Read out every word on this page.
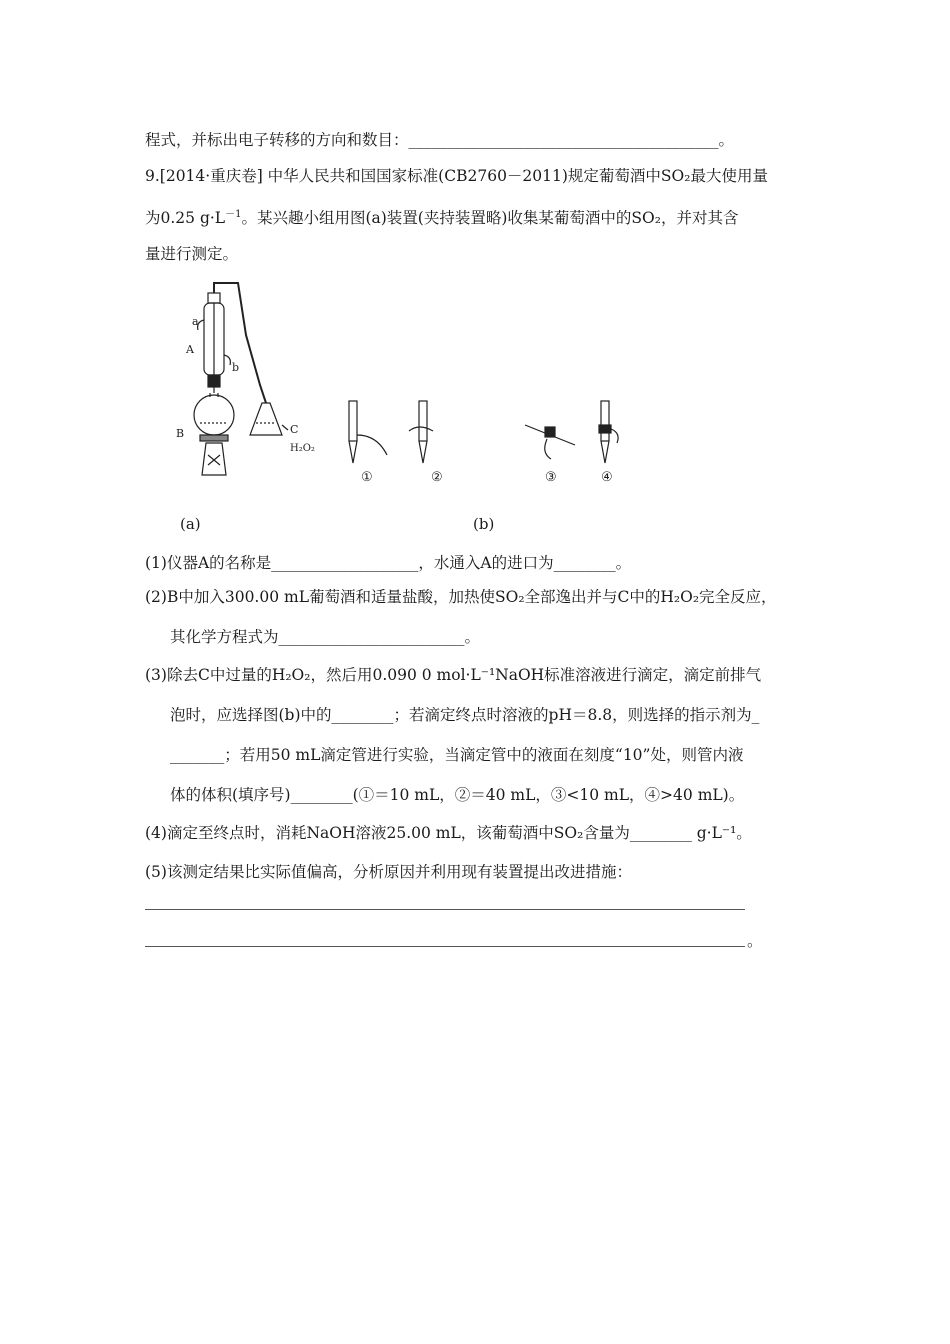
程式，并标出电子转移的方向和数目：________________________________________。
9.[2014·重庆卷] 中华人民共和国国家标准(CB2760－2011)规定葡萄酒中SO₂最大使用量
为0.25 $g\cdot L^{-1}$。某兴趣小组用图(a)装置(夹持装置略)收集某葡萄酒中的SO₂，并对其含
量进行测定。
a
A
b
B	C
H₂O₂
①	②	③	④
(a)	(b)
(1)仪器A的名称是___________________，水通入A的进口为________。
(2)B中加入300.00 mL葡萄酒和适量盐酸，加热使SO₂全部逸出并与C中的H₂O₂完全反应，
其化学方程式为________________________。
(3)除去C中过量的H₂O₂，然后用0.090 0 mol·L⁻¹NaOH标准溶液进行滴定，滴定前排气
泡时，应选择图(b)中的________；若滴定终点时溶液的pH＝8.8，则选择的指示剂为_
_______；若用50 mL滴定管进行实验，当滴定管中的液面在刻度“10”处，则管内液
体的体积(填序号)________(①＝10 mL，②＝40 mL，③<10 mL，④>40 mL)。
(4)滴定至终点时，消耗NaOH溶液25.00 mL，该葡萄酒中SO₂含量为________ g·L⁻¹。
(5)该测定结果比实际值偏高，分析原因并利用现有装置提出改进措施：
。
